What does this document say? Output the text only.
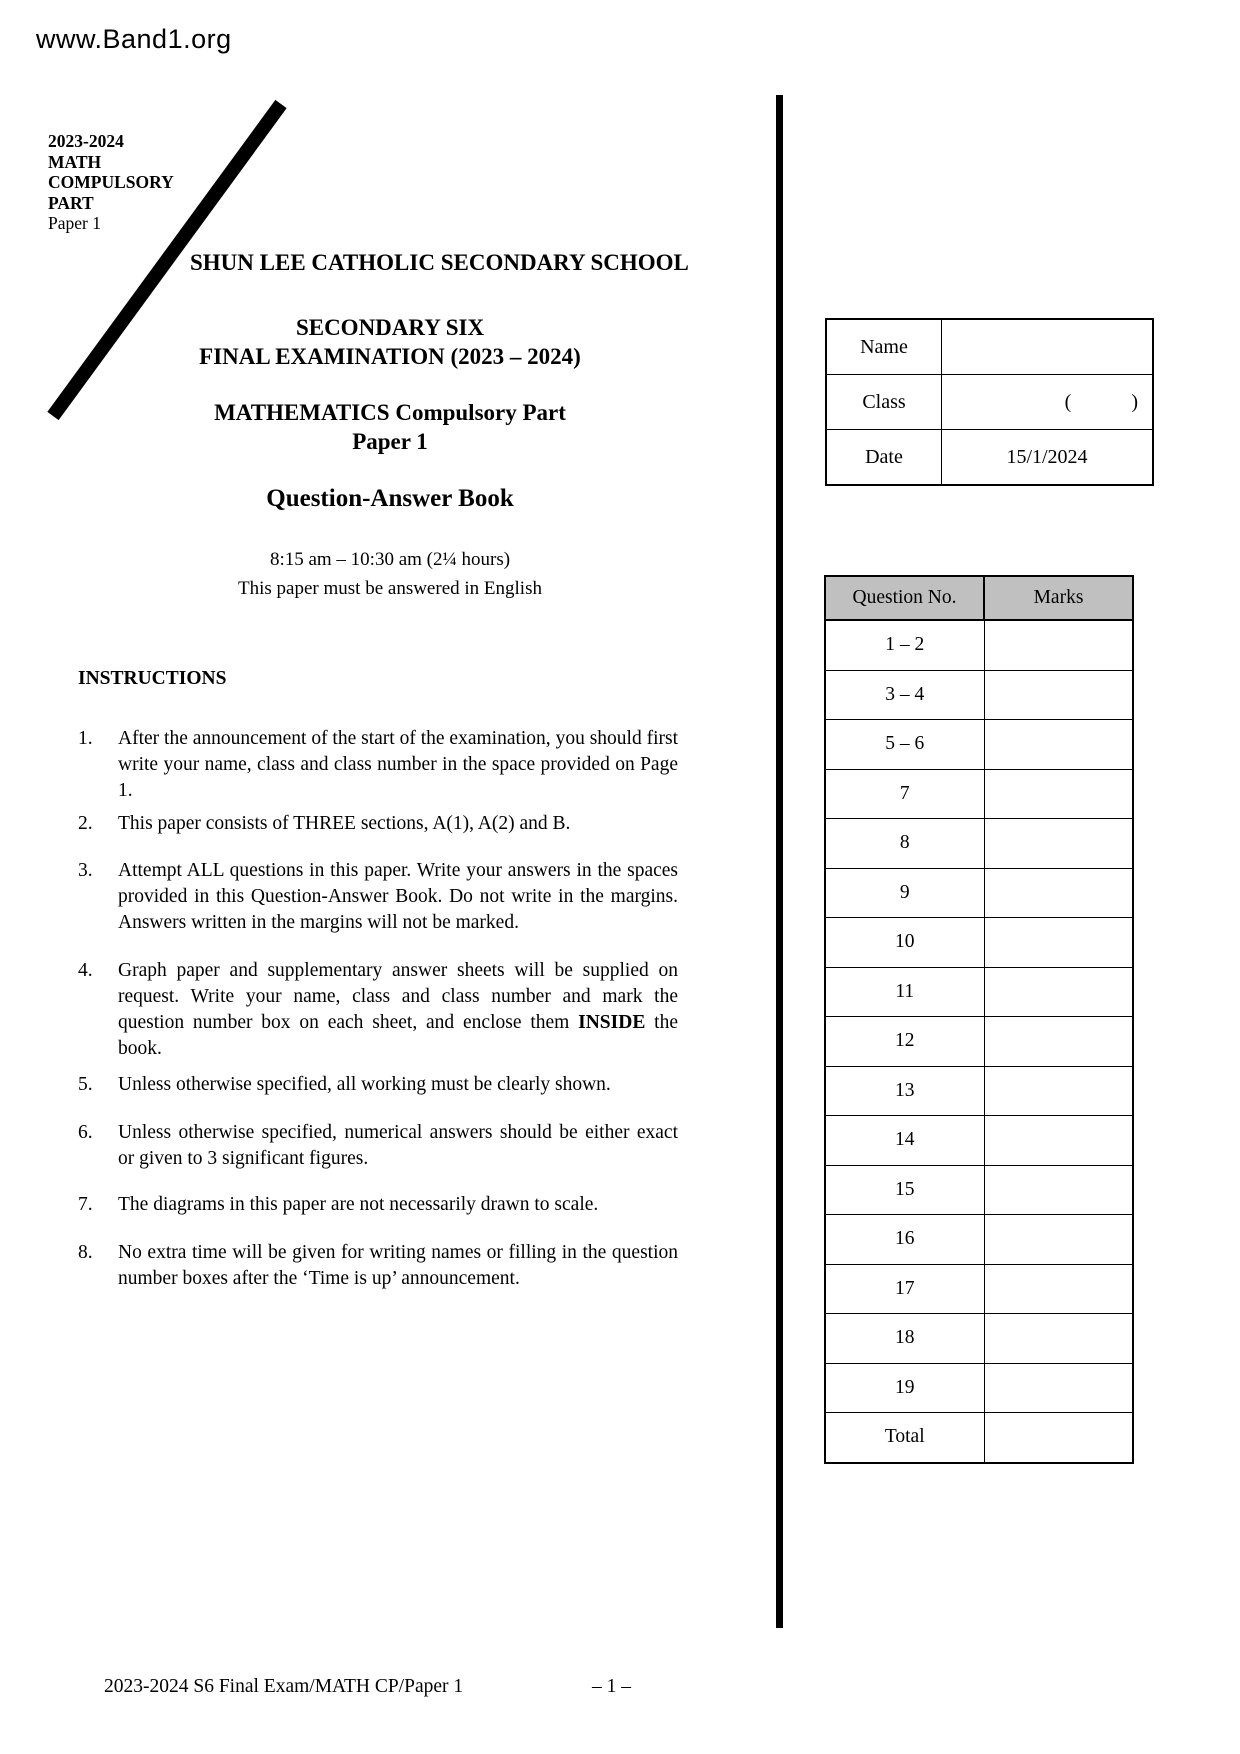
www.Band1.org
2023-2024
MATH
COMPULSORY
PART
Paper 1
SHUN LEE CATHOLIC SECONDARY SCHOOL
SECONDARY SIX
FINAL EXAMINATION (2023 – 2024)
MATHEMATICS Compulsory Part
Paper 1
Question-Answer Book
8:15 am – 10:30 am (2¼ hours)
This paper must be answered in English
Name	
Class	(   )
Date	15/1/2024
Question No.	Marks
1 – 2	
3 – 4	
5 – 6	
7	
8	
9	
10	
11	
12	
13	
14	
15	
16	
17	
18	
19	
Total	
INSTRUCTIONS
1. After the announcement of the start of the examination, you should first write your name, class and class number in the space provided on Page 1.
2. This paper consists of THREE sections, A(1), A(2) and B.
3. Attempt ALL questions in this paper. Write your answers in the spaces provided in this Question-Answer Book. Do not write in the margins. Answers written in the margins will not be marked.
4. Graph paper and supplementary answer sheets will be supplied on request. Write your name, class and class number and mark the question number box on each sheet, and enclose them INSIDE the book.
5. Unless otherwise specified, all working must be clearly shown.
6. Unless otherwise specified, numerical answers should be either exact or given to 3 significant figures.
7. The diagrams in this paper are not necessarily drawn to scale.
8. No extra time will be given for writing names or filling in the question number boxes after the ‘Time is up’ announcement.
2023-2024 S6 Final Exam/MATH CP/Paper 1	– 1 –
